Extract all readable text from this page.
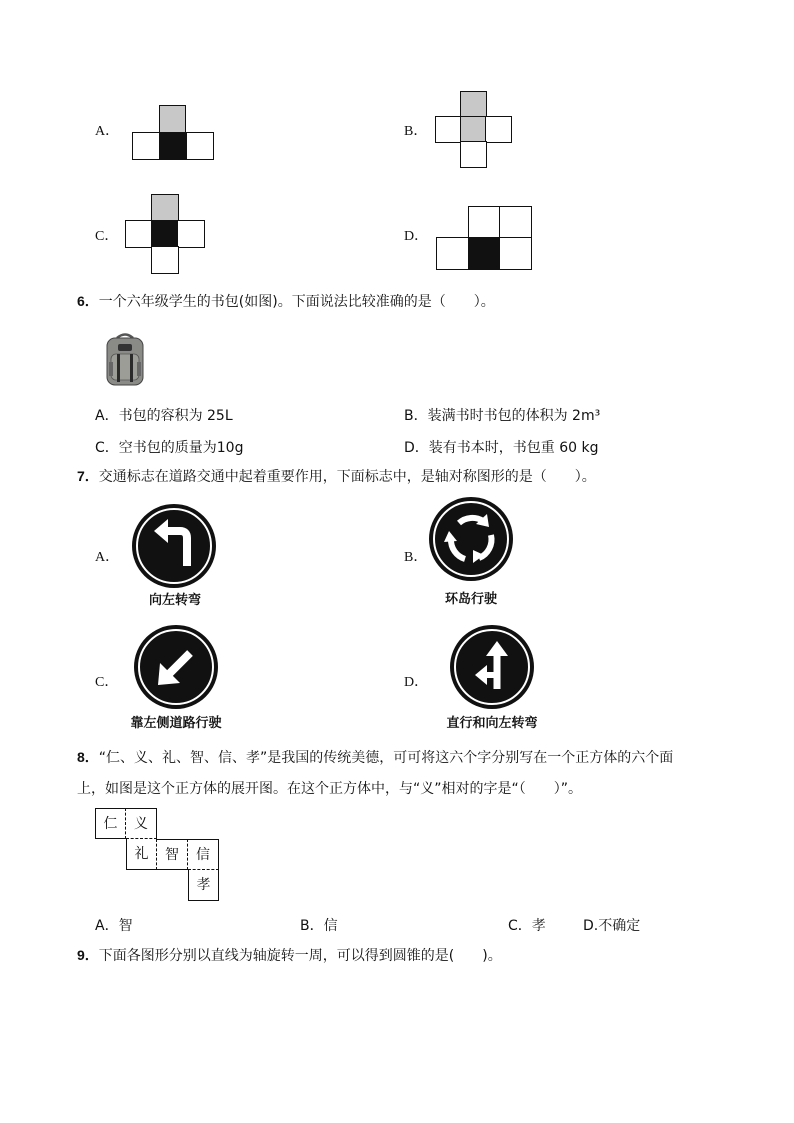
A．	B．
C．	D．
6．一个六年级学生的书包(如图)。下面说法比较准确的是（　　）。
A．书包的容积为 25L	B．装满书时书包的体积为 2m³
C．空书包的质量为10g	D．装有书本时，书包重 60 kg
7．交通标志在道路交通中起着重要作用，下面标志中，是轴对称图形的是（　　）。
A．
向左转弯
B．
环岛行驶
C．
靠左侧道路行驶
D．
直行和向左转弯
8．“仁、义、礼、智、信、孝”是我国的传统美德，可可将这六个字分别写在一个正方体的六个面
上，如图是这个正方体的展开图。在这个正方体中，与“义”相对的字是“（　　）”。
仁	义
礼	智	信
孝
A．智	B．信	C．孝	D.不确定
9．下面各图形分别以直线为轴旋转一周，可以得到圆锥的是(　　)。
